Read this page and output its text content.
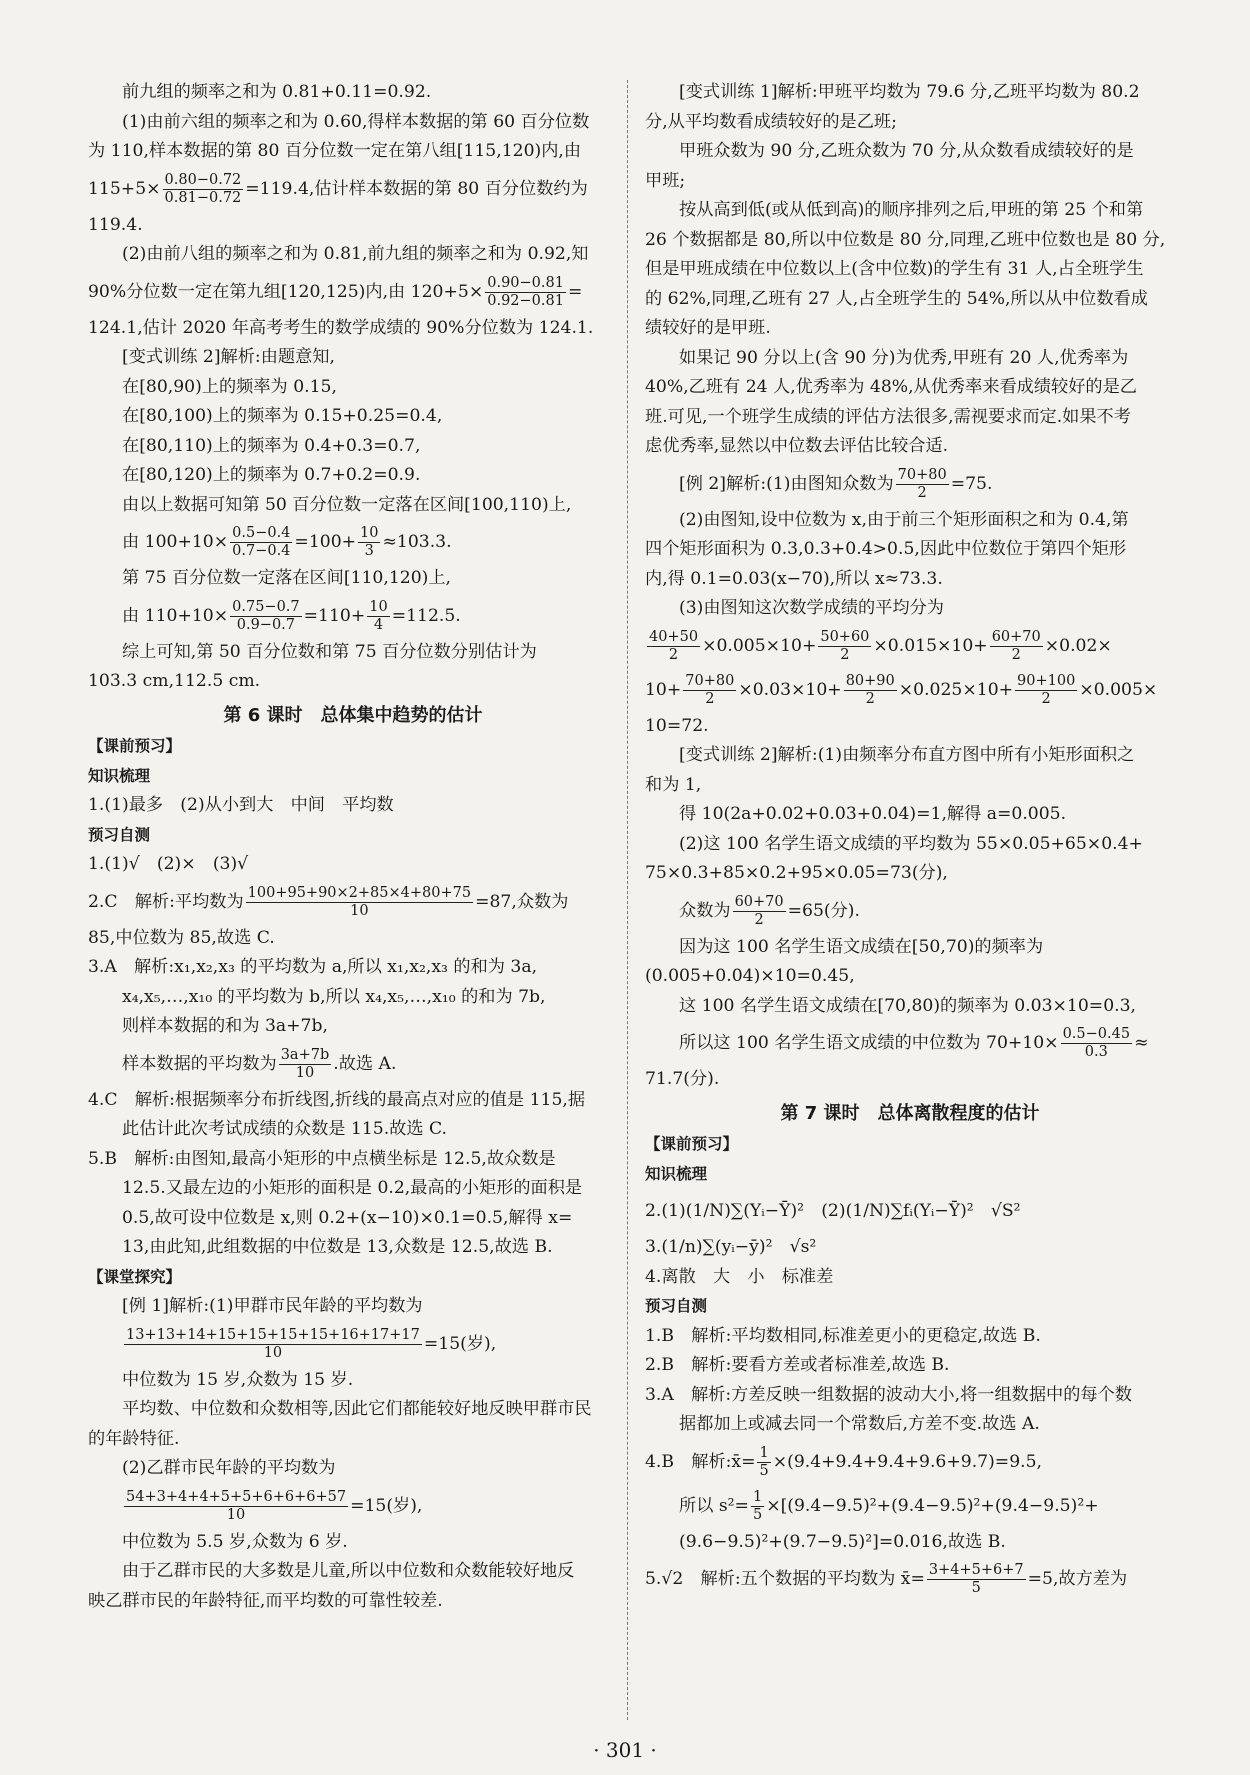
前九组的频率之和为 0.81+0.11=0.92.
(1)由前六组的频率之和为 0.60,得样本数据的第 60 百分位数
为 110,样本数据的第 80 百分位数一定在第八组[115,120)内,由
$115+5\times \frac{0.80-0.72}{0.81-0.72} =119.4$,估计样本数据的第 80 百分位数约为
119.4.
(2)由前八组的频率之和为 0.81,前九组的频率之和为 0.92,知
90%分位数一定在第九组[120,125)内,由 $120+5\times \frac{0.90-0.81}{0.92-0.81}$ =
124.1,估计 2020 年高考考生的数学成绩的 90%分位数为 124.1.
[变式训练 2]解析:由题意知,
在[80,90)上的频率为 0.15,
在[80,100)上的频率为 0.15+0.25=0.4,
在[80,110)上的频率为 0.4+0.3=0.7,
在[80,120)上的频率为 0.7+0.2=0.9.
由以上数据可知第 50 百分位数一定落在区间[100,110)上,
由 $100+10\times \frac{0.5-0.4}{0.7-0.4} =100+ \frac{10}{3} \approx 103.3$.
第 75 百分位数一定落在区间[110,120)上,
由 $110+10\times \frac{0.75-0.7}{0.9-0.7} =110+ \frac{10}{4} =112.5$.
综上可知,第 50 百分位数和第 75 百分位数分别估计为
103.3 cm,112.5 cm.
第 6 课时　总体集中趋势的估计
【课前预习】
知识梳理
1.(1)最多　(2)从小到大　中间　平均数
预习自测
1.(1)√　(2)×　(3)√
2.C　解析:平均数为 $\frac{100+95+90\times 2+85\times 4+80+75}{10} =87$,众数为
85,中位数为 85,故选 C.
3.A　解析:x₁,x₂,x₃ 的平均数为 a,所以 x₁,x₂,x₃ 的和为 3a,
x₄,x₅,…,x₁₀ 的平均数为 b,所以 x₄,x₅,…,x₁₀ 的和为 7b,
则样本数据的和为 3a+7b,
样本数据的平均数为 $\frac{3a+7b}{10}$ .故选 A.
4.C　解析:根据频率分布折线图,折线的最高点对应的值是 115,据
此估计此次考试成绩的众数是 115.故选 C.
5.B　解析:由图知,最高小矩形的中点横坐标是 12.5,故众数是
12.5.又最左边的小矩形的面积是 0.2,最高的小矩形的面积是
0.5,故可设中位数是 x,则 0.2+(x−10)×0.1=0.5,解得 x=
13,由此知,此组数据的中位数是 13,众数是 12.5,故选 B.
【课堂探究】
[例 1]解析:(1)甲群市民年龄的平均数为
$\frac{13+13+14+15+15+15+15+16+17+17}{10} =15$(岁),
中位数为 15 岁,众数为 15 岁.
平均数、中位数和众数相等,因此它们都能较好地反映甲群市民
的年龄特征.
(2)乙群市民年龄的平均数为
$\frac{54+3+4+4+5+5+6+6+6+57}{10} =15$(岁),
中位数为 5.5 岁,众数为 6 岁.
由于乙群市民的大多数是儿童,所以中位数和众数能较好地反
映乙群市民的年龄特征,而平均数的可靠性较差.
[变式训练 1]解析:甲班平均数为 79.6 分,乙班平均数为 80.2
分,从平均数看成绩较好的是乙班;
甲班众数为 90 分,乙班众数为 70 分,从众数看成绩较好的是
甲班;
按从高到低(或从低到高)的顺序排列之后,甲班的第 25 个和第
26 个数据都是 80,所以中位数是 80 分,同理,乙班中位数也是 80 分,
但是甲班成绩在中位数以上(含中位数)的学生有 31 人,占全班学生
的 62%,同理,乙班有 27 人,占全班学生的 54%,所以从中位数看成
绩较好的是甲班.
如果记 90 分以上(含 90 分)为优秀,甲班有 20 人,优秀率为
40%,乙班有 24 人,优秀率为 48%,从优秀率来看成绩较好的是乙
班.可见,一个班学生成绩的评估方法很多,需视要求而定.如果不考
虑优秀率,显然以中位数去评估比较合适.
[例 2]解析:(1)由图知众数为 $\frac{70+80}{2} =75$.
(2)由图知,设中位数为 x,由于前三个矩形面积之和为 0.4,第
四个矩形面积为 0.3,0.3+0.4>0.5,因此中位数位于第四个矩形
内,得 0.1=0.03(x−70),所以 x≈73.3.
(3)由图知这次数学成绩的平均分为
$\frac{40+50}{2} \times 0.005\times 10+ \frac{50+60}{2} \times 0.015\times 10+ \frac{60+70}{2} \times 0.02\times$
$10+ \frac{70+80}{2} \times 0.03\times 10+ \frac{80+90}{2} \times 0.025\times 10+ \frac{90+100}{2} \times 0.005\times$
10=72.
[变式训练 2]解析:(1)由频率分布直方图中所有小矩形面积之
和为 1,
得 10(2a+0.02+0.03+0.04)=1,解得 a=0.005.
(2)这 100 名学生语文成绩的平均数为 55×0.05+65×0.4+
75×0.3+85×0.2+95×0.05=73(分),
众数为 $\frac{60+70}{2} =65$(分).
因为这 100 名学生语文成绩在[50,70)的频率为
(0.005+0.04)×10=0.45,
这 100 名学生语文成绩在[70,80)的频率为 0.03×10=0.3,
所以这 100 名学生语文成绩的中位数为 $70+10\times \frac{0.5-0.45}{0.3}$ ≈
71.7(分).
第 7 课时　总体离散程度的估计
【课前预习】
知识梳理
2.(1)(1/N)∑(Yᵢ−Ȳ)²　(2)(1/N)∑fᵢ(Yᵢ−Ȳ)²　√S²
3.(1/n)∑(yᵢ−ȳ)²　√s²
4.离散　大　小　标准差
预习自测
1.B　解析:平均数相同,标准差更小的更稳定,故选 B.
2.B　解析:要看方差或者标准差,故选 B.
3.A　解析:方差反映一组数据的波动大小,将一组数据中的每个数
据都加上或减去同一个常数后,方差不变.故选 A.
4.B　解析:x̄= $\frac{1}{5} \times(9.4+9.4+9.4+9.6+9.7)=9.5$,
所以 $s^2= \frac{1}{5} \times[(9.4-9.5)^2+(9.4-9.5)^2+(9.4-9.5)^2+$
(9.6−9.5)²+(9.7−9.5)²]=0.016,故选 B.
5.√2　解析:五个数据的平均数为 x̄= $\frac{3+4+5+6+7}{5} =5$,故方差为
· 301 ·
